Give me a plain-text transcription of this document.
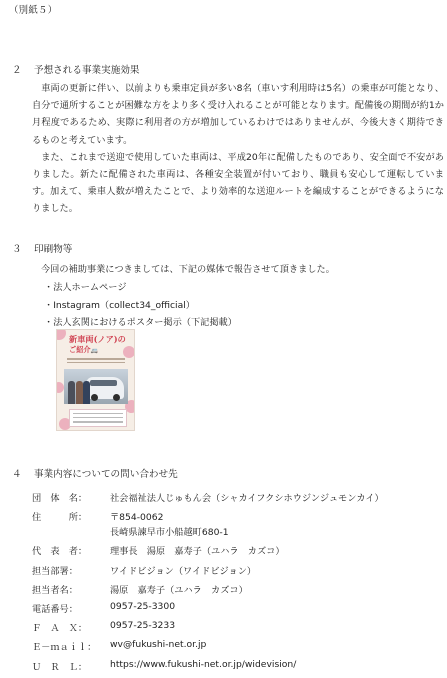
（別紙５）
２ 予想される事業実施効果

車両の更新に伴い、以前よりも乗車定員が多い8名（車いす利用時は5名）の乗車が可能となり、自分で通所することが困難な方をより多く受け入れることが可能となります。配備後の期間が約1か月程度であるため、実際に利用者の方が増加しているわけではありませんが、今後大きく期待できるものと考えています。

また、これまで送迎で使用していた車両は、平成20年に配備したものであり、安全面で不安がありました。新たに配備された車両は、各種安全装置が付いており、職員も安心して運転しています。加えて、乗車人数が増えたことで、より効率的な送迎ルートを編成することができるようになりました。

３ 印刷物等
今回の補助事業につきましては、下記の媒体で報告させて頂きました。
・ 法人ホームページ
・ Instagram（collect34_official）
・ 法人玄関におけるポスター掲示（下記掲載）
新車両(ノア)の
ご紹介🚐
４ 事業内容についての問い合わせ先
団　体　名：	社会福祉法人じゅもん会（シャカイフクシホウジンジュモンカイ）
住　　　所：	〒854-0062
長崎県諫早市小船越町680-1
代　表　者：	理事長　湯原　嘉寿子（ユハラ　カズコ）
担当部署：	ワイドビジョン（ワイドビジョン）
担当者名：	湯原　嘉寿子（ユハラ　カズコ）
電話番号：	0957-25-3300
Ｆ　Ａ　Ｘ：	0957-25-3233
Ｅ－ｍａｉｌ：	wv@fukushi-net.or.jp
Ｕ　Ｒ　Ｌ：	https://www.fukushi-net.or.jp/widevision/
